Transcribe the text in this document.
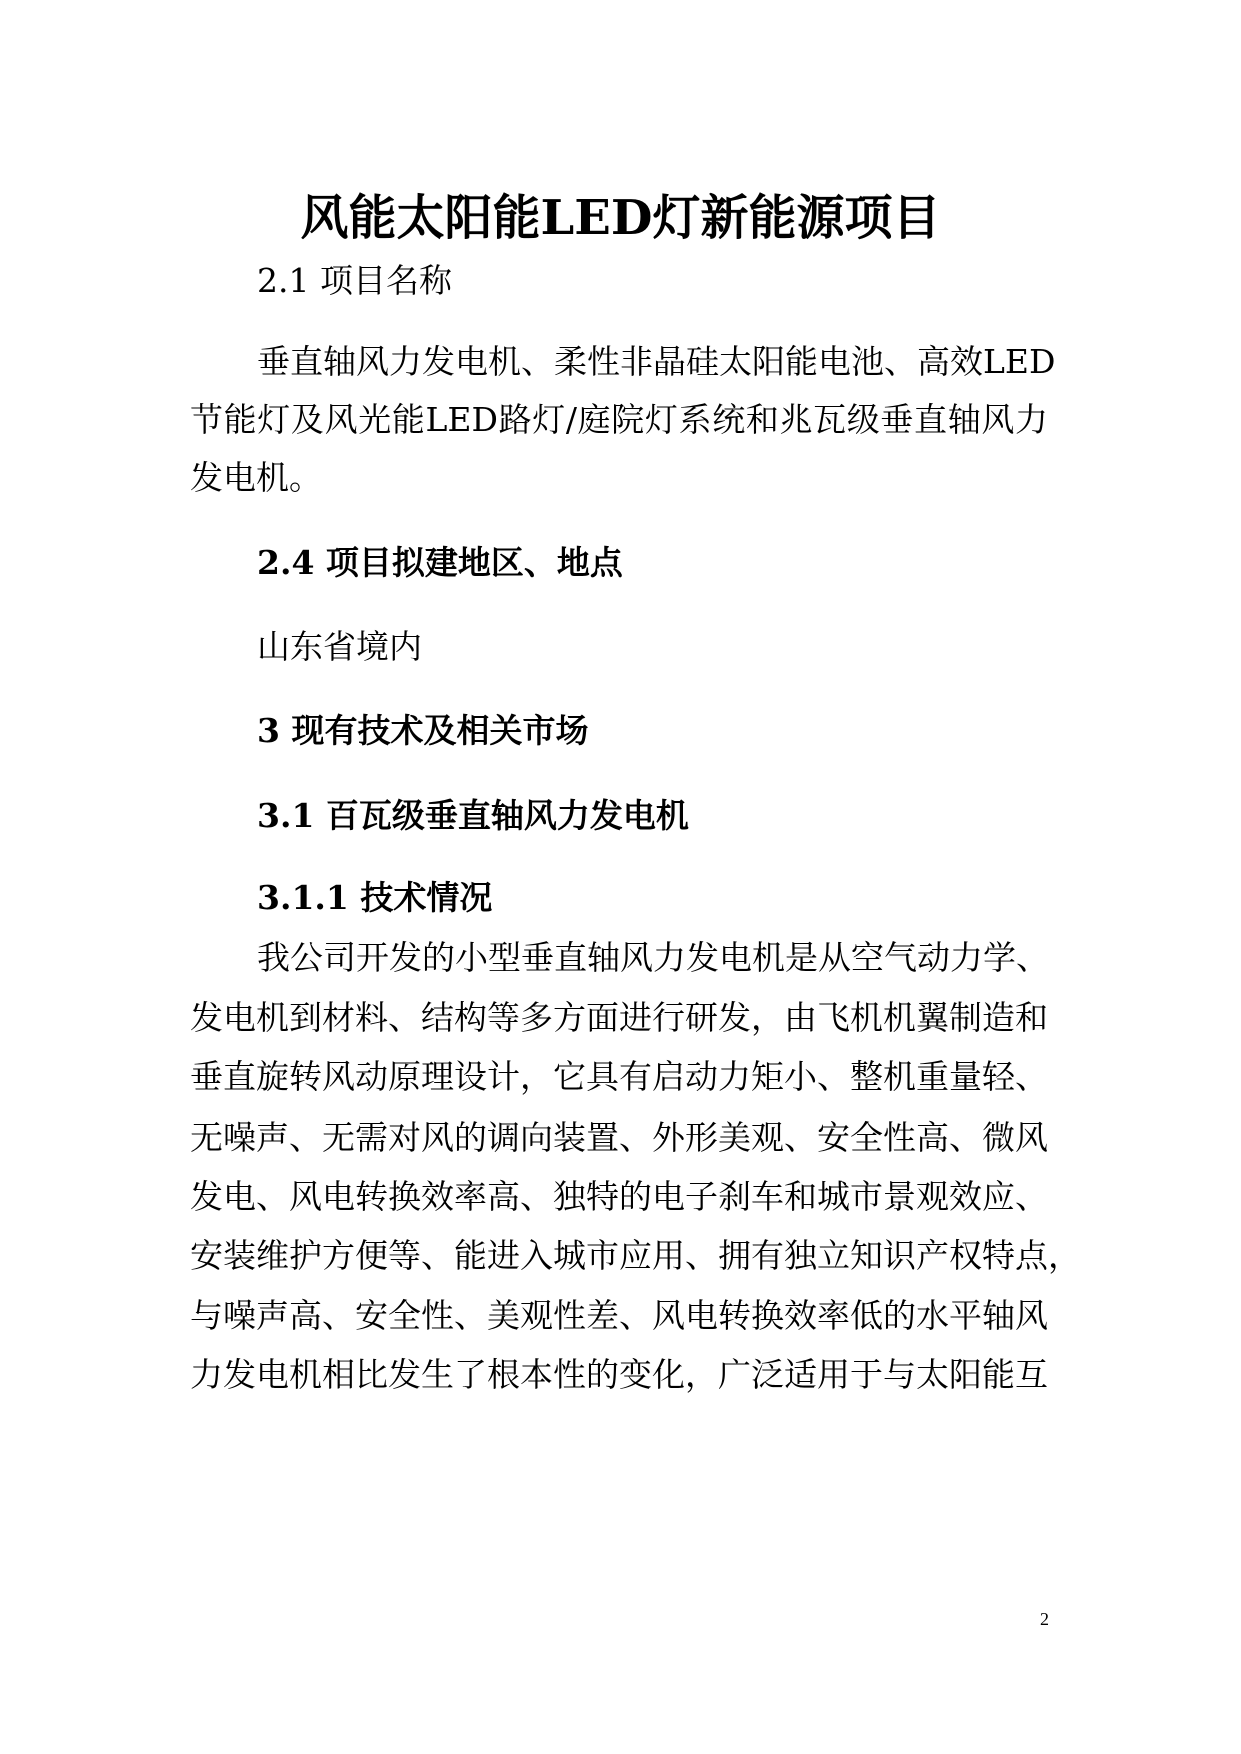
风能太阳能LED灯新能源项目
2.1 项目名称
垂直轴风力发电机、柔性非晶硅太阳能电池、高效LED
节能灯及风光能LED路灯/庭院灯系统和兆瓦级垂直轴风力
发电机。
2.4 项目拟建地区、地点
山东省境内
3 现有技术及相关市场
3.1 百瓦级垂直轴风力发电机
3.1.1 技术情况
我公司开发的小型垂直轴风力发电机是从空气动力学、
发电机到材料、结构等多方面进行研发，由飞机机翼制造和
垂直旋转风动原理设计，它具有启动力矩小、整机重量轻、
无噪声、无需对风的调向装置、外形美观、安全性高、微风
发电、风电转换效率高、独特的电子刹车和城市景观效应、
安装维护方便等、能进入城市应用、拥有独立知识产权特点，
与噪声高、安全性、美观性差、风电转换效率低的水平轴风
力发电机相比发生了根本性的变化，广泛适用于与太阳能互
2
